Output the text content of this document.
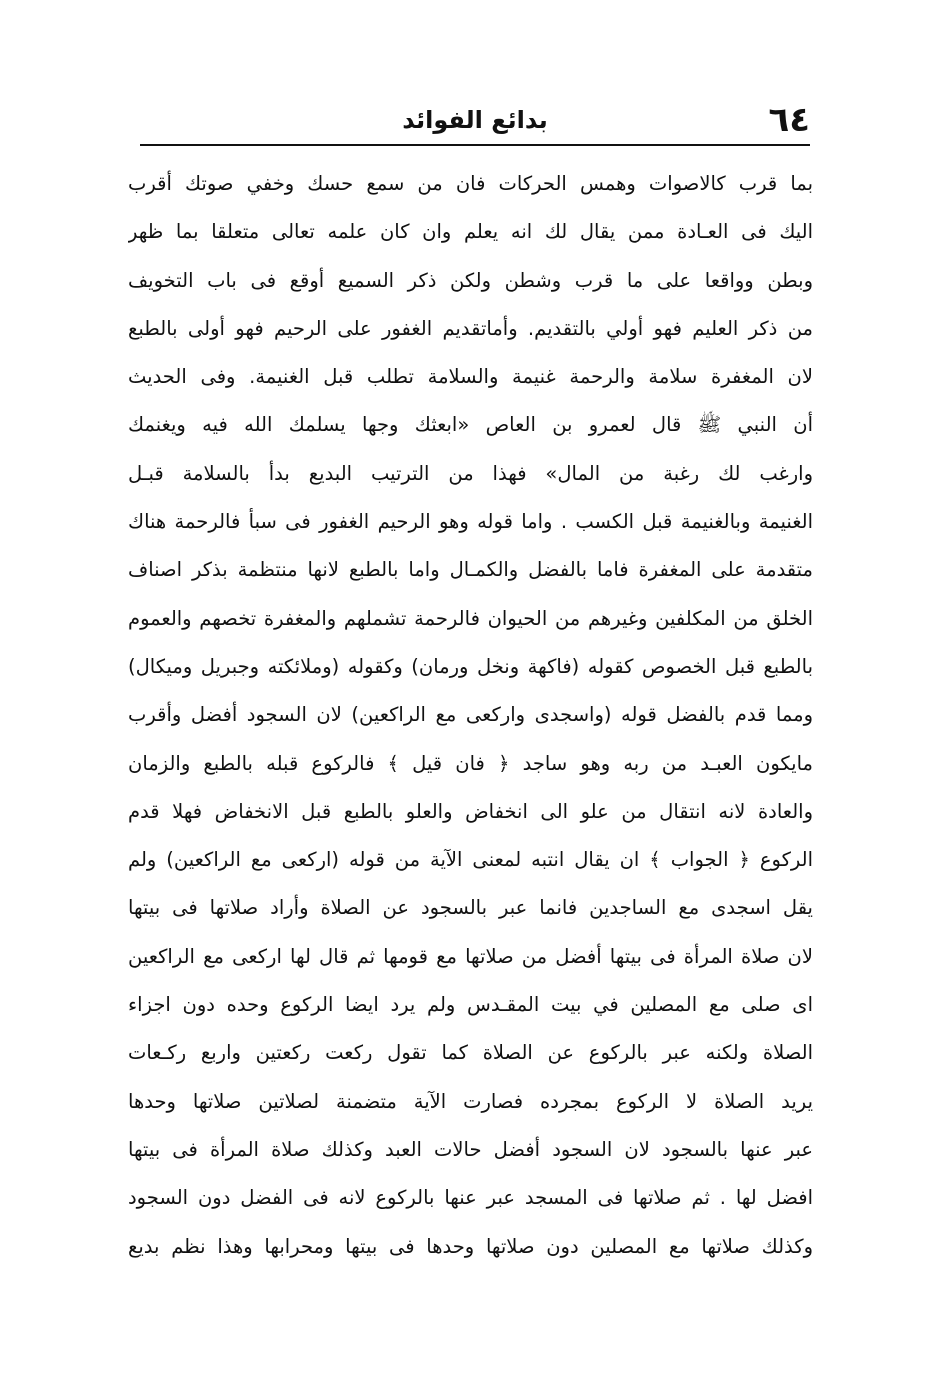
٦٤
بدائع الفوائد
بما قرب كالاصوات وهمس الحركات فان من سمع حسك وخفي صوتك أقرب
اليك فى العـادة ممن يقال لك انه يعلم وان كان علمه تعالى متعلقا بما ظهر
وبطن وواقعا على ما قرب وشطن ولكن ذكر السميع أوقع فى باب التخويف
من ذكر العليم فهو أولي بالتقديم. وأماتقديم الغفور على الرحيم فهو أولى بالطبع
لان المغفرة سلامة والرحمة غنيمة والسلامة تطلب قبل الغنيمة. وفى الحديث
أن النبي ﷺ قال لعمرو بن العاص «ابعثك وجها يسلمك الله فيه ويغنمك
وارغب لك رغبة من المال» فهذا من الترتيب البديع بدأ بالسلامة قبـل
الغنيمة وبالغنيمة قبل الكسب . واما قوله وهو الرحيم الغفور فى سبأ فالرحمة هناك
متقدمة على المغفرة فاما بالفضل والكمـال واما بالطبع لانها منتظمة بذكر اصناف
الخلق من المكلفين وغيرهم من الحيوان فالرحمة تشملهم والمغفرة تخصهم والعموم
بالطبع قبل الخصوص كقوله (فاكهة ونخل ورمان) وكقوله (وملائكته وجبريل وميكال)
ومما قدم بالفضل قوله (واسجدى واركعى مع الراكعين) لان السجود أفضل وأقرب
مايكون العبـد من ربه وهو ساجد ﴿ فان قيل ﴾ فالركوع قبله بالطبع والزمان
والعادة لانه انتقال من علو الى انخفاض والعلو بالطبع قبل الانخفاض فهلا قدم
الركوع ﴿ الجواب ﴾ ان يقال انتبه لمعنى الآية من قوله (اركعى مع الراكعين) ولم
يقل اسجدى مع الساجدين فانما عبر بالسجود عن الصلاة وأراد صلاتها فى بيتها
لان صلاة المرأة فى بيتها أفضل من صلاتها مع قومها ثم قال لها اركعى مع الراكعين
اى صلى مع المصلين في بيت المقـدس ولم يرد ايضا الركوع وحده دون اجزاء
الصلاة ولكنه عبر بالركوع عن الصلاة كما تقول ركعت ركعتين واربع ركـعات
يريد الصلاة لا الركوع بمجرده فصارت الآية متضمنة لصلاتين صلاتها وحدها
عبر عنها بالسجود لان السجود أفضل حالات العبد وكذلك صلاة المرأة فى بيتها
افضل لها . ثم صلاتها فى المسجد عبر عنها بالركوع لانه فى الفضل دون السجود
وكذلك صلاتها مع المصلين دون صلاتها وحدها فى بيتها ومحرابها وهذا نظم بديع
